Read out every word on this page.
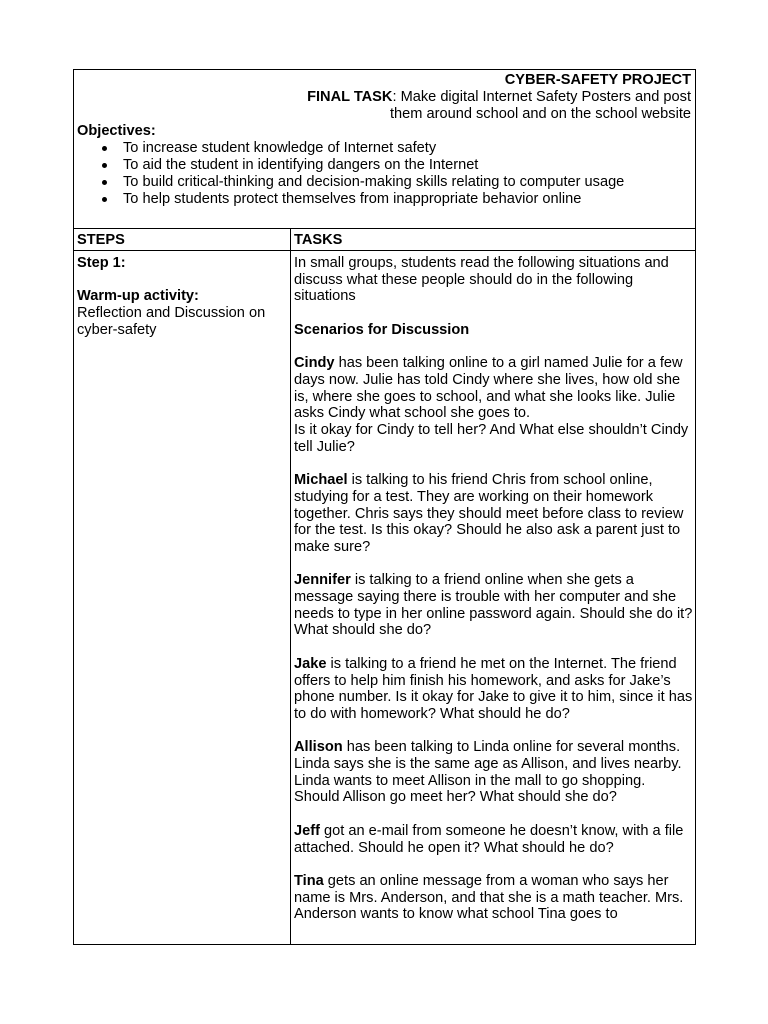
CYBER-SAFETY PROJECT

FINAL TASK: Make digital Internet Safety Posters and post them around school and on the school website

Objectives:

To increase student knowledge of Internet safety
To aid the student in identifying dangers on the Internet
To build critical-thinking and decision-making skills relating to computer usage
To help students protect themselves from inappropriate behavior online
STEPS	TASKS

Step 1:

Warm-up activity:

Reflection and Discussion on cyber-safety

In small groups, students read the following situations and discuss what these people should do in the following situations

Scenarios for Discussion

Cindy has been talking online to a girl named Julie for a few days now. Julie has told Cindy where she lives, how old she is, where she goes to school, and what she looks like. Julie asks Cindy what school she goes to.

Is it okay for Cindy to tell her? And What else shouldn’t Cindy tell Julie?

Michael is talking to his friend Chris from school online, studying for a test. They are working on their homework together. Chris says they should meet before class to review for the test. Is this okay? Should he also ask a parent just to make sure?

Jennifer is talking to a friend online when she gets a message saying there is trouble with her computer and she needs to type in her online password again. Should she do it? What should she do?

Jake is talking to a friend he met on the Internet. The friend offers to help him finish his homework, and asks for Jake’s phone number. Is it okay for Jake to give it to him, since it has to do with homework? What should he do?

Allison has been talking to Linda online for several months. Linda says she is the same age as Allison, and lives nearby. Linda wants to meet Allison in the mall to go shopping. Should Allison go meet her? What should she do?

Jeff got an e-mail from someone he doesn’t know, with a file attached. Should he open it? What should he do?

Tina gets an online message from a woman who says her name is Mrs. Anderson, and that she is a math teacher. Mrs. Anderson wants to know what school Tina goes to
